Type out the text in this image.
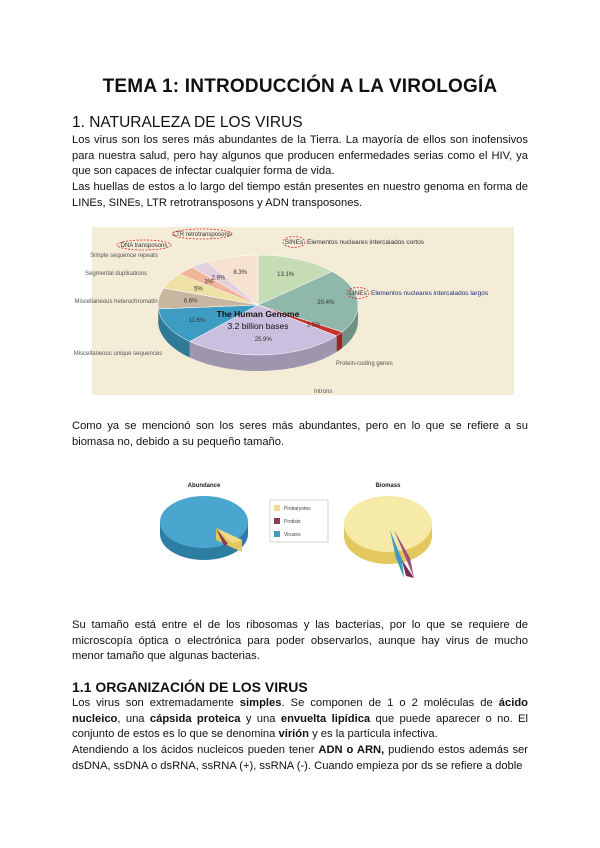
TEMA 1: INTRODUCCIÓN A LA VIROLOGÍA
1. NATURALEZA DE LOS VIRUS

Los virus son los seres más abundantes de la Tierra. La mayoría de ellos son inofensivos para nuestra salud, pero hay algunos que producen enfermedades serias como el HIV, ya que son capaces de infectar cualquier forma de vida.

Las huellas de estos a lo largo del tiempo están presentes en nuestro genoma en forma de LINEs, SINEs, LTR retrotransposons y ADN transposones.

13.1%
20.4%
1.5%
25.9%
11.6%
6.6%
5%
3%
2.9%
8.3%
The Human Genome
3.2 billion bases
Simple sequence repeats
Segmental duplications
Miscellaneous heterochromatin
Miscellaneous unique sequences
Introns
Protein-coding genes
LTR retrotransposons
DNA transposons	SINEs Elementos nucleares intercalados cortos
LINEs Elementos nucleares intercalados largos

Como ya se mencionó son los seres más abundantes, pero en lo que se refiere a su biomasa no, debido a su pequeño tamaño.

Abundance
Prokaryotes
Protists
Viruses
Biomass

Su tamaño está entre el de los ribosomas y las bacterias, por lo que se requiere de microscopía óptica o electrónica para poder observarlos, aunque hay virus de mucho menor tamaño que algunas bacterias.

1.1 ORGANIZACIÓN DE LOS VIRUS

Los virus son extremadamente simples. Se componen de 1 o 2 moléculas de ácido nucleico, una cápsida proteica y una envuelta lipídica que puede aparecer o no. El conjunto de estos es lo que se denomina virión y es la partícula infectiva.

Atendiendo a los ácidos nucleicos pueden tener ADN o ARN, pudiendo estos además ser dsDNA, ssDNA o dsRNA, ssRNA (+), ssRNA (-). Cuando empieza por ds se refiere a doble
